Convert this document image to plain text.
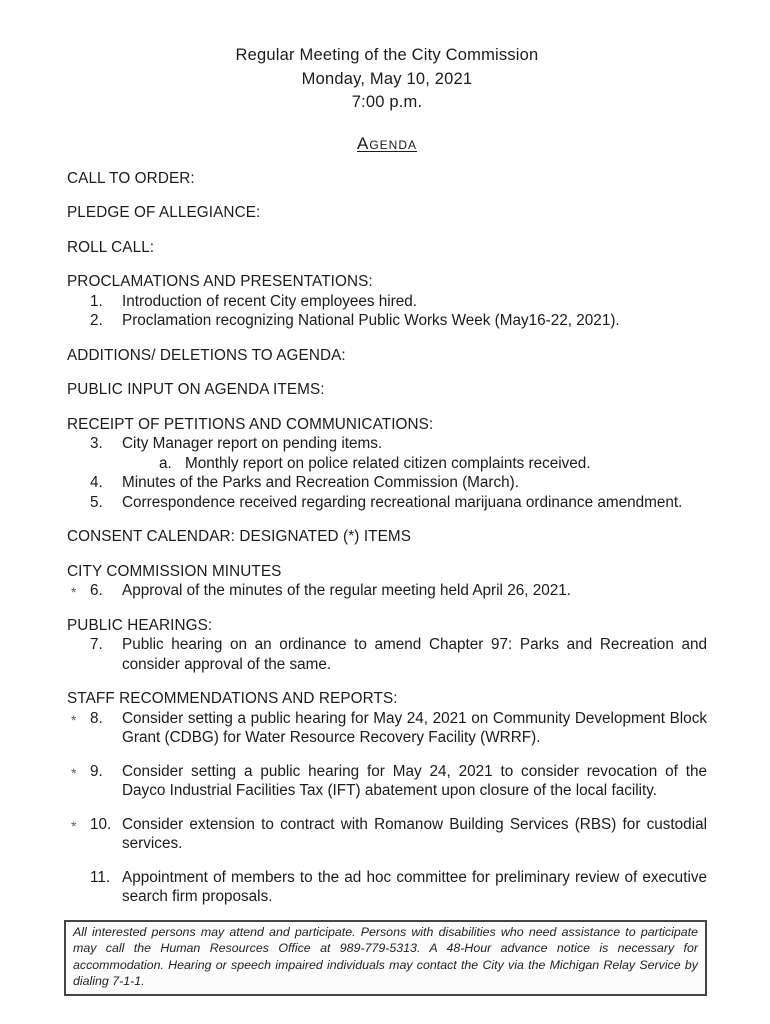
Regular Meeting of the City Commission
Monday, May 10, 2021
7:00 p.m.
Agenda
CALL TO ORDER:
PLEDGE OF ALLEGIANCE:
ROLL CALL:
PROCLAMATIONS AND PRESENTATIONS:
1. Introduction of recent City employees hired.
2. Proclamation recognizing National Public Works Week (May16-22, 2021).
ADDITIONS/ DELETIONS TO AGENDA:
PUBLIC INPUT ON AGENDA ITEMS:
RECEIPT OF PETITIONS AND COMMUNICATIONS:
3. City Manager report on pending items.
a. Monthly report on police related citizen complaints received.
4. Minutes of the Parks and Recreation Commission (March).
5. Correspondence received regarding recreational marijuana ordinance amendment.
CONSENT CALENDAR: DESIGNATED (*) ITEMS
CITY COMMISSION MINUTES
* 6. Approval of the minutes of the regular meeting held April 26, 2021.
PUBLIC HEARINGS:
7. Public hearing on an ordinance to amend Chapter 97: Parks and Recreation and consider approval of the same.
STAFF RECOMMENDATIONS AND REPORTS:
* 8. Consider setting a public hearing for May 24, 2021 on Community Development Block Grant (CDBG) for Water Resource Recovery Facility (WRRF).
* 9. Consider setting a public hearing for May 24, 2021 to consider revocation of the Dayco Industrial Facilities Tax (IFT) abatement upon closure of the local facility.
* 10. Consider extension to contract with Romanow Building Services (RBS) for custodial services.
11. Appointment of members to the ad hoc committee for preliminary review of executive search firm proposals.

All interested persons may attend and participate. Persons with disabilities who need assistance to participate may call the Human Resources Office at 989-779-5313. A 48-Hour advance notice is necessary for accommodation. Hearing or speech impaired individuals may contact the City via the Michigan Relay Service by dialing 7-1-1.
